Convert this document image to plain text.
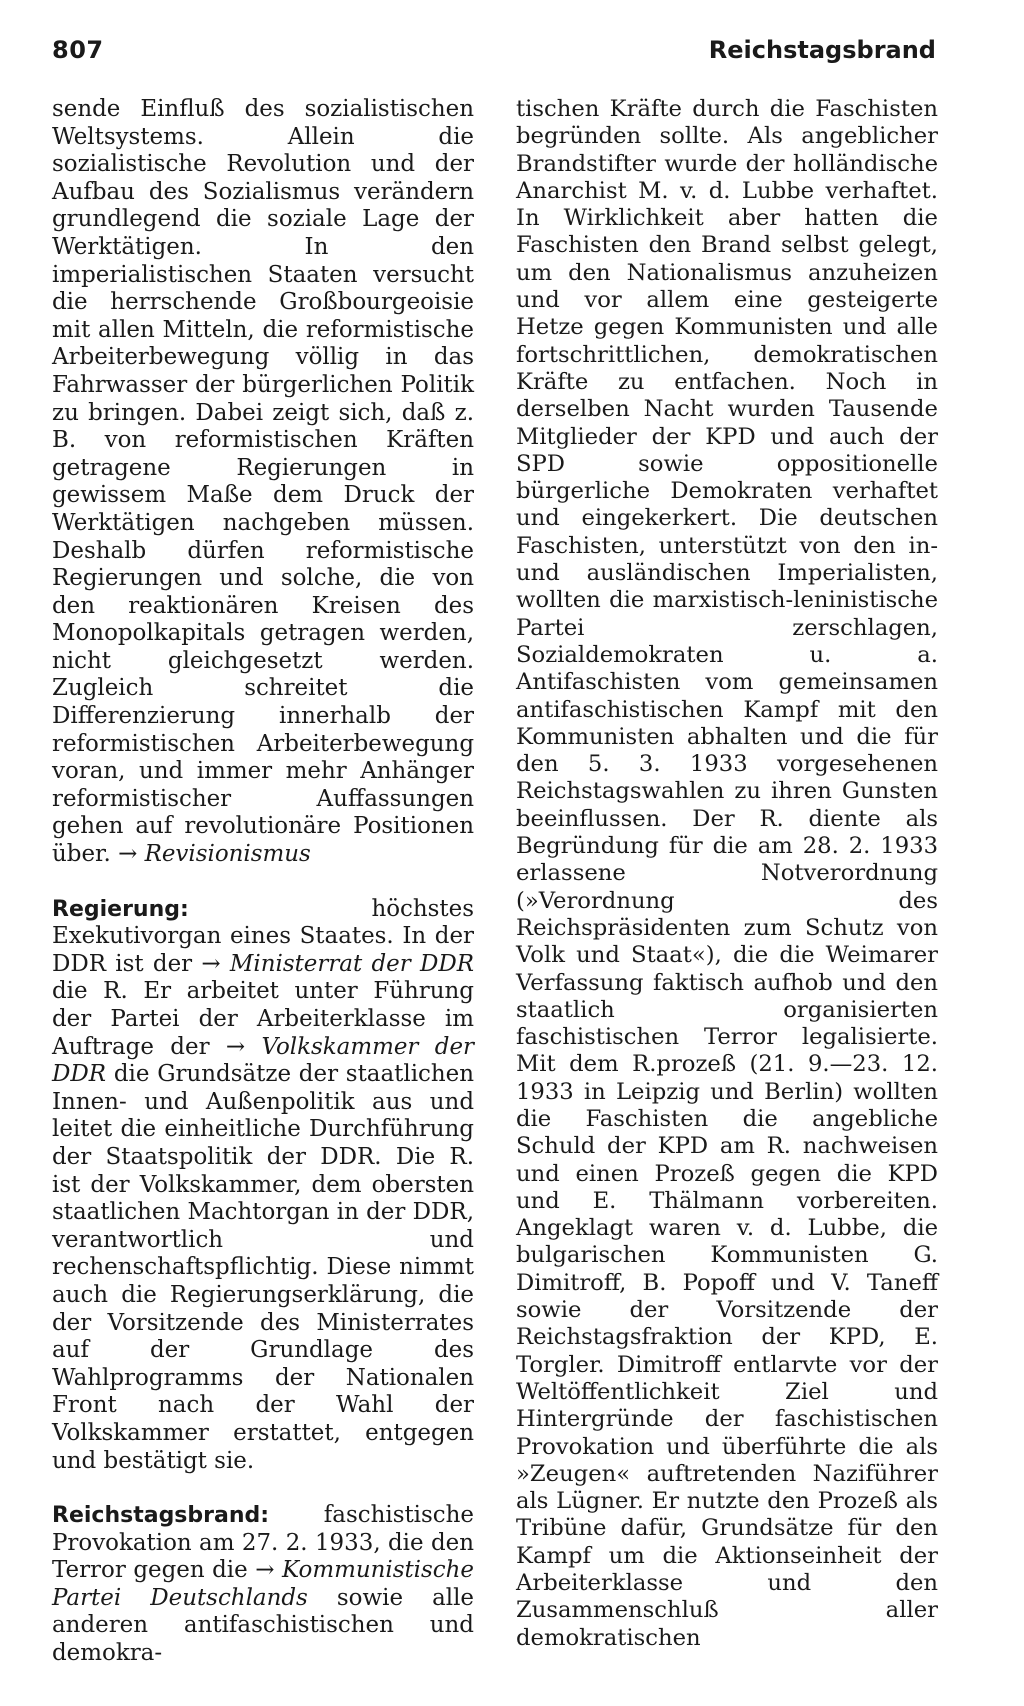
807	Reichstagsbrand

sende Einfluß des sozialistischen Weltsystems. Allein die sozialistische Revolution und der Aufbau des Sozialismus verändern grundlegend die soziale Lage der Werktätigen. In den imperialistischen Staaten versucht die herrschende Großbourgeoisie mit allen Mitteln, die reformistische Arbeiterbewegung völlig in das Fahrwasser der bürgerlichen Politik zu bringen. Dabei zeigt sich, daß z. B. von reformistischen Kräften getragene Regierungen in gewissem Maße dem Druck der Werktätigen nachgeben müssen. Deshalb dürfen reformistische Regierungen und solche, die von den reaktionären Kreisen des Monopolkapitals getragen werden, nicht gleichgesetzt werden. Zugleich schreitet die Differenzierung innerhalb der reformistischen Arbeiterbewegung voran, und immer mehr Anhänger reformistischer Auffassungen gehen auf revolutionäre Positionen über. → Revisionismus

Regierung: höchstes Exekutivorgan eines Staates. In der DDR ist der → Ministerrat der DDR die R. Er arbeitet unter Führung der Partei der Arbeiterklasse im Auftrage der → Volkskammer der DDR die Grundsätze der staatlichen Innen- und Außenpolitik aus und leitet die einheitliche Durchführung der Staatspolitik der DDR. Die R. ist der Volkskammer, dem obersten staatlichen Machtorgan in der DDR, verantwortlich und rechenschaftspflichtig. Diese nimmt auch die Regierungserklärung, die der Vorsitzende des Ministerrates auf der Grundlage des Wahlprogramms der Nationalen Front nach der Wahl der Volkskammer erstattet, entgegen und bestätigt sie.

Reichstagsbrand: faschistische Provokation am 27. 2. 1933, die den Terror gegen die → Kommunistische Partei Deutschlands sowie alle anderen antifaschistischen und demokra-

tischen Kräfte durch die Faschisten begründen sollte. Als angeblicher Brandstifter wurde der holländische Anarchist M. v. d. Lubbe verhaftet. In Wirklichkeit aber hatten die Faschisten den Brand selbst gelegt, um den Nationalismus anzuheizen und vor allem eine gesteigerte Hetze gegen Kommunisten und alle fortschrittlichen, demokratischen Kräfte zu entfachen. Noch in derselben Nacht wurden Tausende Mitglieder der KPD und auch der SPD sowie oppositionelle bürgerliche Demokraten verhaftet und eingekerkert. Die deutschen Faschisten, unterstützt von den in- und ausländischen Imperialisten, wollten die marxistisch-leninistische Partei zerschlagen, Sozialdemokraten u. a. Antifaschisten vom gemeinsamen antifaschistischen Kampf mit den Kommunisten abhalten und die für den 5. 3. 1933 vorgesehenen Reichstagswahlen zu ihren Gunsten beeinflussen. Der R. diente als Begründung für die am 28. 2. 1933 erlassene Notverordnung (»Verordnung des Reichspräsidenten zum Schutz von Volk und Staat«), die die Weimarer Verfassung faktisch aufhob und den staatlich organisierten faschistischen Terror legalisierte. Mit dem R.prozeß (21. 9.—23. 12. 1933 in Leipzig und Berlin) wollten die Faschisten die angebliche Schuld der KPD am R. nachweisen und einen Prozeß gegen die KPD und E. Thälmann vorbereiten. Angeklagt waren v. d. Lubbe, die bulgarischen Kommunisten G. Dimitroff, B. Popoff und V. Taneff sowie der Vorsitzende der Reichstagsfraktion der KPD, E. Torgler. Dimitroff entlarvte vor der Weltöffentlichkeit Ziel und Hintergründe der faschistischen Provokation und überführte die als »Zeugen« auftretenden Naziführer als Lügner. Er nutzte den Prozeß als Tribüne dafür, Grundsätze für den Kampf um die Aktionseinheit der Arbeiterklasse und den Zusammenschluß aller demokratischen
